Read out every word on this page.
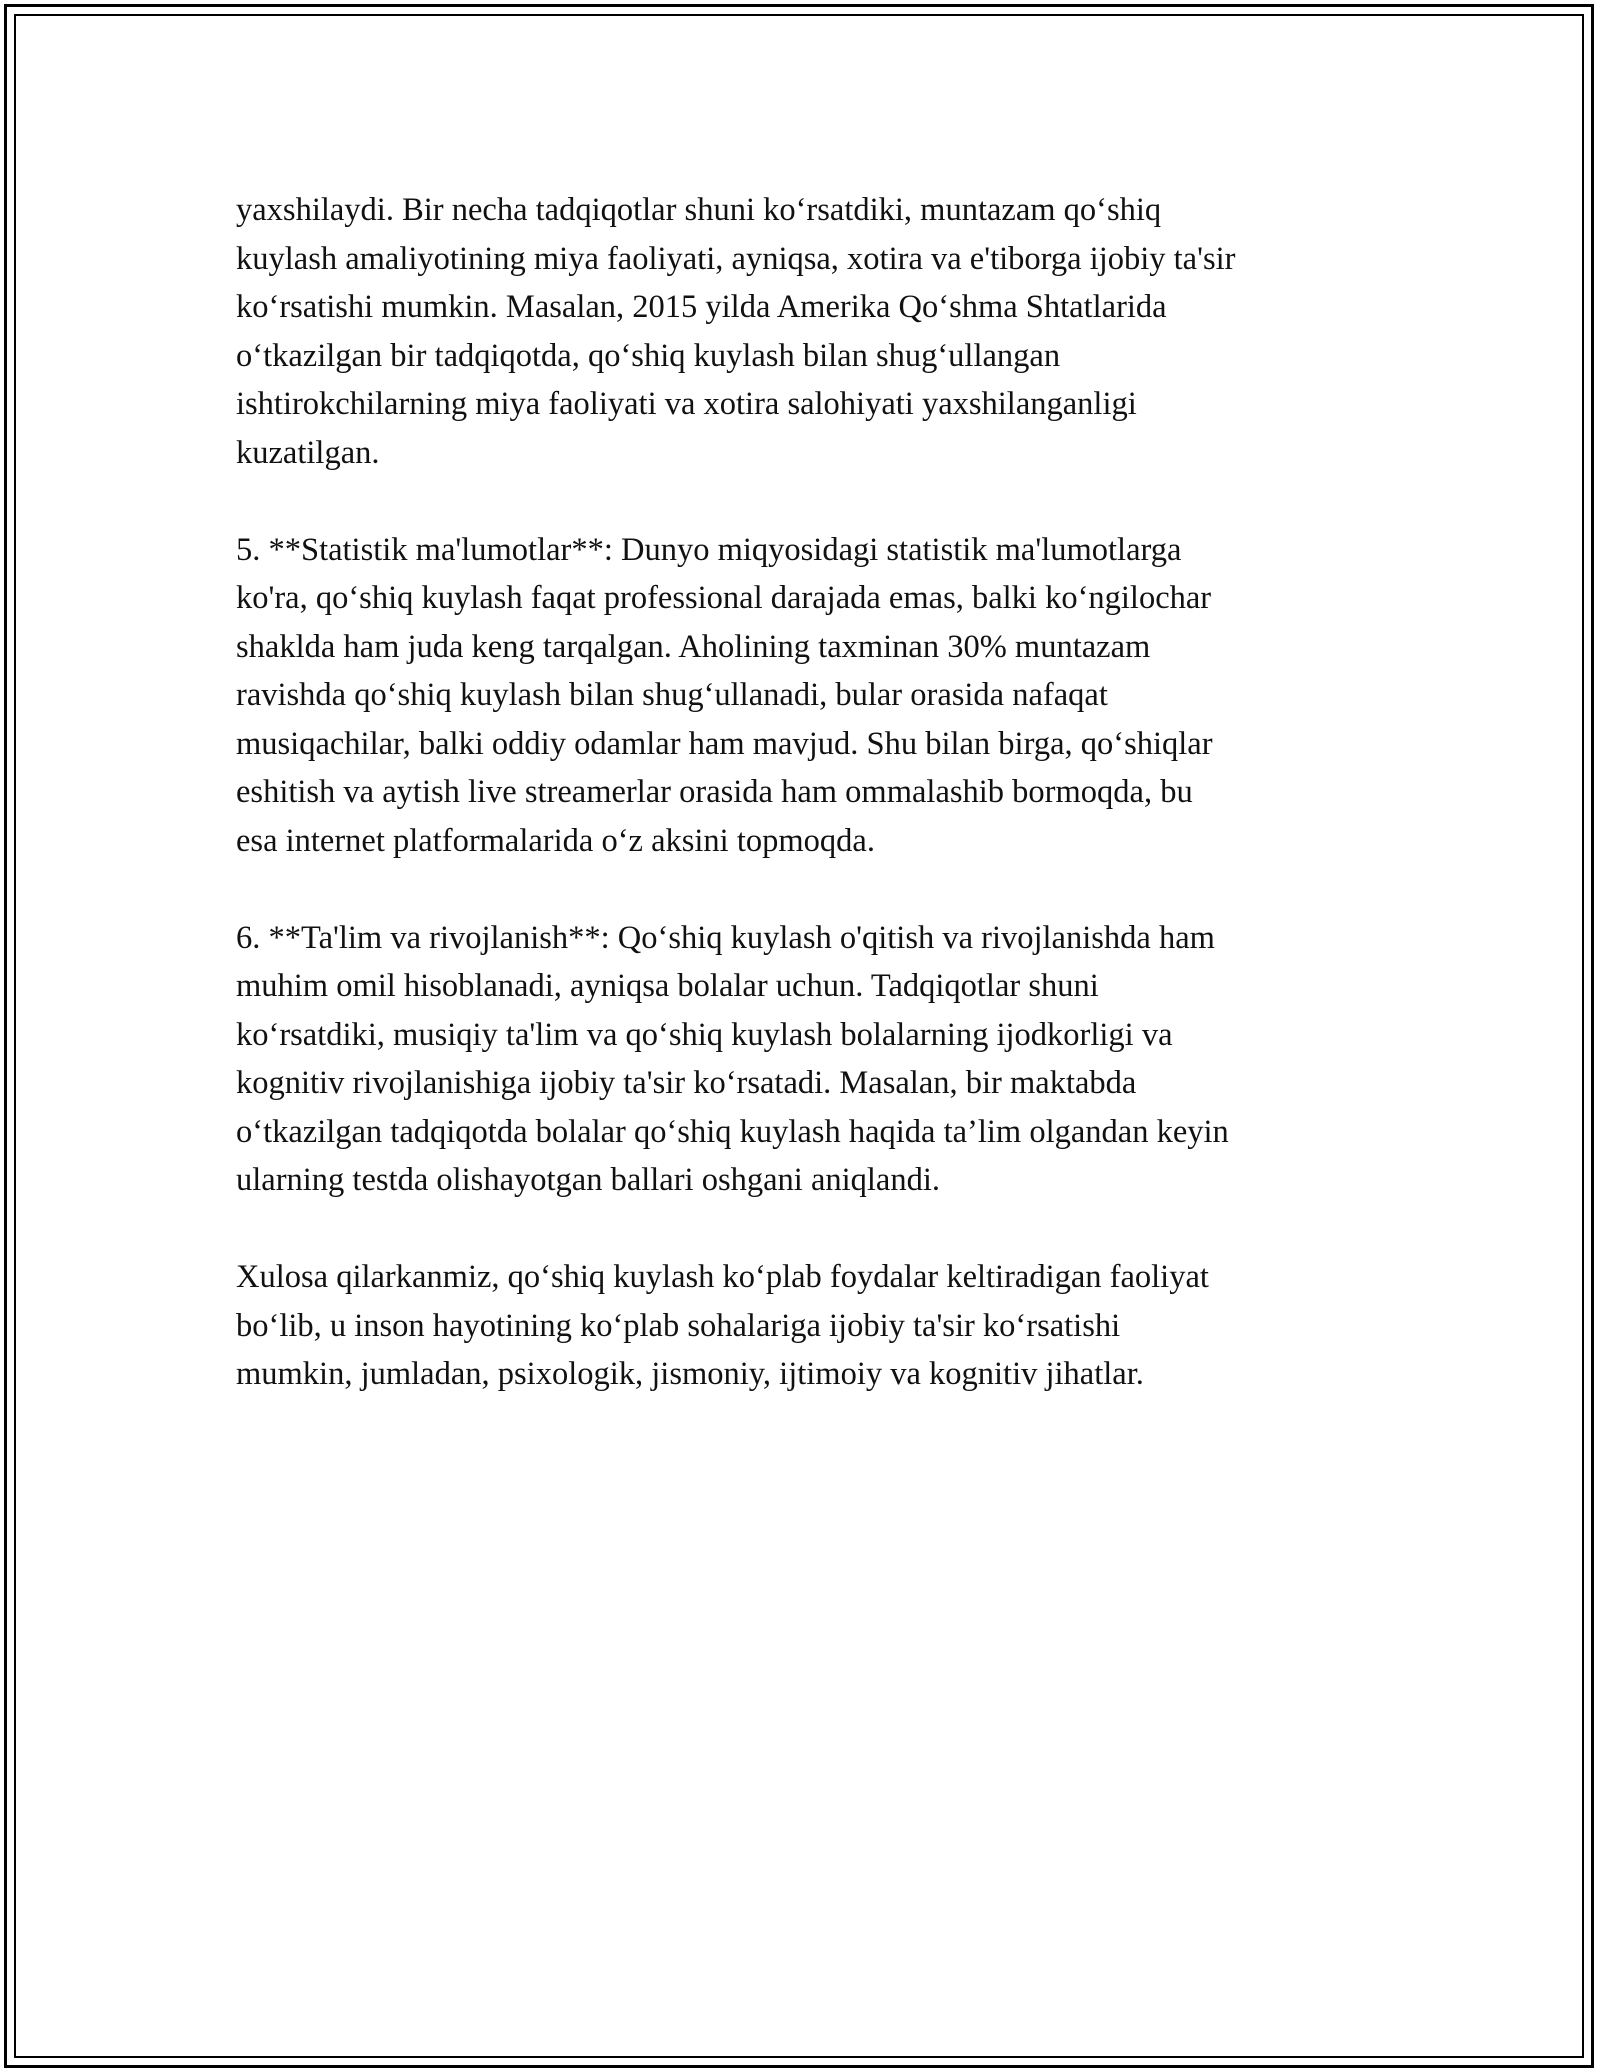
yaxshilaydi. Bir necha tadqiqotlar shuni ko‘rsatdiki, muntazam qo‘shiq
kuylash amaliyotining miya faoliyati, ayniqsa, xotira va e'tiborga ijobiy ta'sir
ko‘rsatishi mumkin. Masalan, 2015 yilda Amerika Qo‘shma Shtatlarida
o‘tkazilgan bir tadqiqotda, qo‘shiq kuylash bilan shug‘ullangan
ishtirokchilarning miya faoliyati va xotira salohiyati yaxshilanganligi
kuzatilgan.

5. **Statistik ma'lumotlar**: Dunyo miqyosidagi statistik ma'lumotlarga
ko'ra, qo‘shiq kuylash faqat professional darajada emas, balki ko‘ngilochar
shaklda ham juda keng tarqalgan. Aholining taxminan 30% muntazam
ravishda qo‘shiq kuylash bilan shug‘ullanadi, bular orasida nafaqat
musiqachilar, balki oddiy odamlar ham mavjud. Shu bilan birga, qo‘shiqlar
eshitish va aytish live streamerlar orasida ham ommalashib bormoqda, bu
esa internet platformalarida o‘z aksini topmoqda.

6. **Ta'lim va rivojlanish**: Qo‘shiq kuylash o'qitish va rivojlanishda ham
muhim omil hisoblanadi, ayniqsa bolalar uchun. Tadqiqotlar shuni
ko‘rsatdiki, musiqiy ta'lim va qo‘shiq kuylash bolalarning ijodkorligi va
kognitiv rivojlanishiga ijobiy ta'sir ko‘rsatadi. Masalan, bir maktabda
o‘tkazilgan tadqiqotda bolalar qo‘shiq kuylash haqida ta’lim olgandan keyin
ularning testda olishayotgan ballari oshgani aniqlandi.

Xulosa qilarkanmiz, qo‘shiq kuylash ko‘plab foydalar keltiradigan faoliyat
bo‘lib, u inson hayotining ko‘plab sohalariga ijobiy ta'sir ko‘rsatishi
mumkin, jumladan, psixologik, jismoniy, ijtimoiy va kognitiv jihatlar.
